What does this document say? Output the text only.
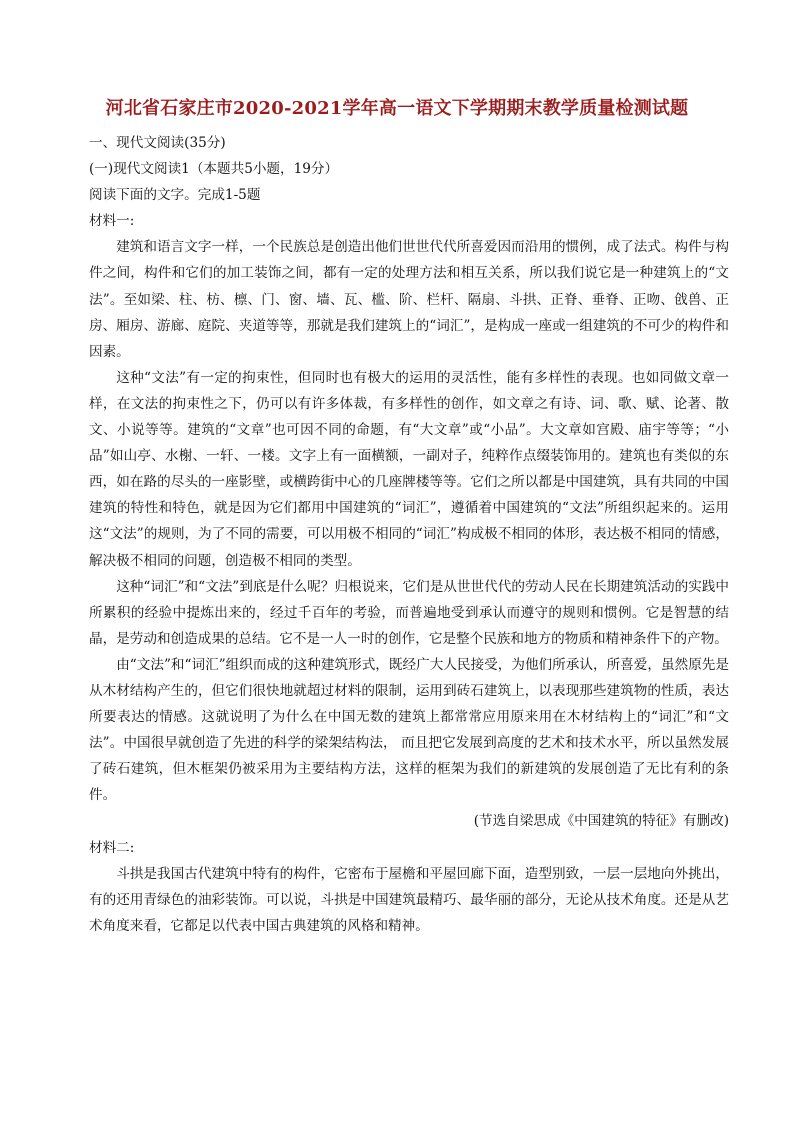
河北省石家庄市2020-2021学年高一语文下学期期末教学质量检测试题

一、现代文阅读(35分)

(一)现代文阅读1（本题共5小题，19分）

阅读下面的文字。完成1-5题

材料一:

建筑和语言文字一样，一个民族总是创造出他们世世代代所喜爱因而沿用的惯例，成了法式。构件与构件之间，构件和它们的加工装饰之间，都有一定的处理方法和相互关系，所以我们说它是一种建筑上的“文法”。至如梁、柱、枋、檩、门、窗、墙、瓦、槛、阶、栏杆、隔扇、斗拱、正脊、垂脊、正吻、戗兽、正房、厢房、游廊、庭院、夹道等等，那就是我们建筑上的“词汇”，是构成一座或一组建筑的不可少的构件和因素。

这种“文法”有一定的拘束性，但同时也有极大的运用的灵活性，能有多样性的表现。也如同做文章一样，在文法的拘束性之下，仍可以有许多体裁，有多样性的创作，如文章之有诗、词、歌、赋、论著、散文、小说等等。建筑的“文章”也可因不同的命题，有“大文章”或“小品”。大文章如宫殿、庙宇等等；“小品”如山亭、水榭、一轩、一楼。文字上有一面横额，一副对子，纯粹作点缀装饰用的。建筑也有类似的东西，如在路的尽头的一座影壁，或横跨街中心的几座牌楼等等。它们之所以都是中国建筑，具有共同的中国建筑的特性和特色，就是因为它们都用中国建筑的“词汇”，遵循着中国建筑的“文法”所组织起来的。运用这“文法”的规则，为了不同的需要，可以用极不相同的“词汇”构成极不相同的体形，表达极不相同的情感，解决极不相同的问题，创造极不相同的类型。

这种“词汇”和“文法”到底是什么呢？归根说来，它们是从世世代代的劳动人民在长期建筑活动的实践中所累积的经验中提炼出来的，经过千百年的考验，而普遍地受到承认而遵守的规则和惯例。它是智慧的结晶，是劳动和创造成果的总结。它不是一人一时的创作，它是整个民族和地方的物质和精神条件下的产物。

由“文法”和“词汇”组织而成的这种建筑形式，既经广大人民接受，为他们所承认，所喜爱，虽然原先是从木材结构产生的，但它们很快地就超过材料的限制，运用到砖石建筑上，以表现那些建筑物的性质，表达所要表达的情感。这就说明了为什么在中国无数的建筑上都常常应用原来用在木材结构上的“词汇”和“文法”。中国很早就创造了先进的科学的梁架结构法， 而且把它发展到高度的艺术和技术水平，所以虽然发展了砖石建筑，但木框架仍被采用为主要结构方法，这样的框架为我们的新建筑的发展创造了无比有利的条件。

(节选自梁思成《中国建筑的特征》有删改)

材料二:

斗拱是我国古代建筑中特有的构件，它密布于屋檐和平屋回廊下面，造型别致，一层一层地向外挑出，有的还用青绿色的油彩装饰。可以说，斗拱是中国建筑最精巧、最华丽的部分，无论从技术角度。还是从艺术角度来看，它都足以代表中国古典建筑的风格和精神。
